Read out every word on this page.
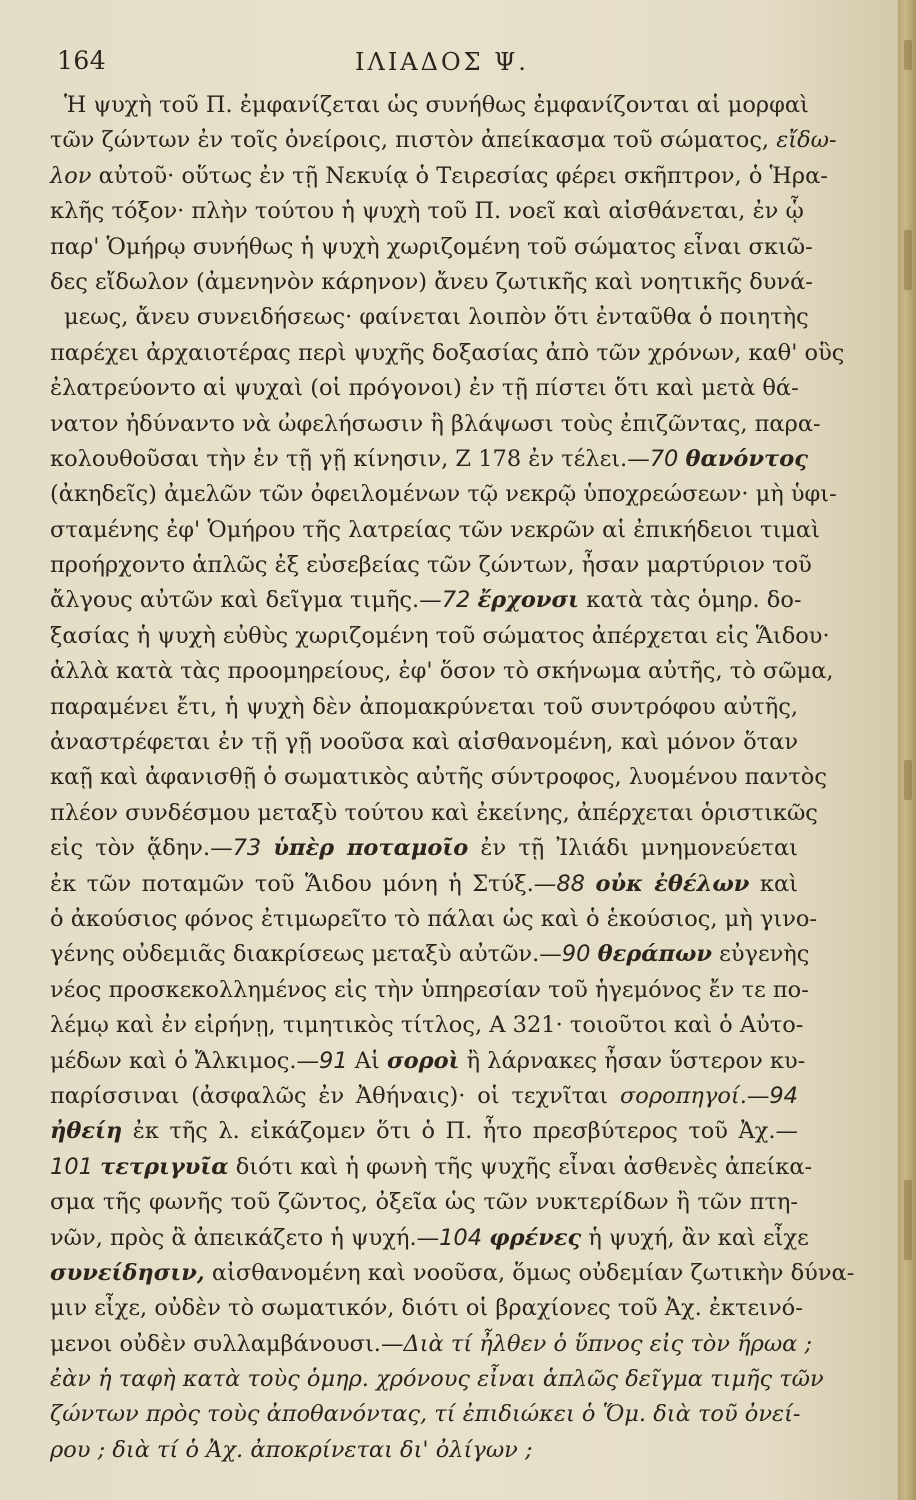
164	ΙΛΙΑΔΟΣ Ψ.
Ἡ ψυχὴ τοῦ Π. ἐμφανίζεται ὡς συνήθως ἐμφανίζονται αἱ μορφαὶ
τῶν ζώντων ἐν τοῖς ὀνείροις, πιστὸν ἀπείκασμα τοῦ σώματος, εἴδω-
λον αὐτοῦ· οὕτως ἐν τῇ Νεκυίᾳ ὁ Τειρεσίας φέρει σκῆπτρον, ὁ Ἡρα-
κλῆς τόξον· πλὴν τούτου ἡ ψυχὴ τοῦ Π. νοεῖ καὶ αἰσθάνεται, ἐν ᾧ
παρ' Ὁμήρῳ συνήθως ἡ ψυχὴ χωριζομένη τοῦ σώματος εἶναι σκιῶ-
δες εἴδωλον (ἀμενηνὸν κάρηνον) ἄνευ ζωτικῆς καὶ νοητικῆς δυνά-
μεως, ἄνευ συνειδήσεως· φαίνεται λοιπὸν ὅτι ἐνταῦθα ὁ ποιητὴς
παρέχει ἀρχαιοτέρας περὶ ψυχῆς δοξασίας ἀπὸ τῶν χρόνων, καθ' οὓς
ἐλατρεύοντο αἱ ψυχαὶ (οἱ πρόγονοι) ἐν τῇ πίστει ὅτι καὶ μετὰ θά-
νατον ἠδύναντο νὰ ὠφελήσωσιν ἢ βλάψωσι τοὺς ἐπιζῶντας, παρα-
κολουθοῦσαι τὴν ἐν τῇ γῇ κίνησιν, Ζ 178 ἐν τέλει.—70 θανόντος
(ἀκηδεῖς) ἀμελῶν τῶν ὀφειλομένων τῷ νεκρῷ ὑποχρεώσεων· μὴ ὑφι-
σταμένης ἐφ' Ὁμήρου τῆς λατρείας τῶν νεκρῶν αἱ ἐπικήδειοι τιμαὶ
προήρχοντο ἁπλῶς ἐξ εὐσεβείας τῶν ζώντων, ἦσαν μαρτύριον τοῦ
ἄλγους αὐτῶν καὶ δεῖγμα τιμῆς.—72 ἔρχονσι κατὰ τὰς ὁμηρ. δο-
ξασίας ἡ ψυχὴ εὐθὺς χωριζομένη τοῦ σώματος ἀπέρχεται εἰς Ἅιδου·
ἀλλὰ κατὰ τὰς προομηρείους, ἐφ' ὅσον τὸ σκήνωμα αὐτῆς, τὸ σῶμα,
παραμένει ἔτι, ἡ ψυχὴ δὲν ἀπομακρύνεται τοῦ συντρόφου αὐτῆς,
ἀναστρέφεται ἐν τῇ γῇ νοοῦσα καὶ αἰσθανομένη, καὶ μόνον ὅταν
καῇ καὶ ἀφανισθῇ ὁ σωματικὸς αὐτῆς σύντροφος, λυομένου παντὸς
πλέον συνδέσμου μεταξὺ τούτου καὶ ἐκείνης, ἀπέρχεται ὁριστικῶς
εἰς τὸν ᾅδην.—73 ὑπὲρ ποταμοῖο ἐν τῇ Ἰλιάδι μνημονεύεται
ἐκ τῶν ποταμῶν τοῦ Ἅιδου μόνη ἡ Στύξ.—88 οὐκ ἐθέλων καὶ
ὁ ἀκούσιος φόνος ἐτιμωρεῖτο τὸ πάλαι ὡς καὶ ὁ ἑκούσιος, μὴ γινο-
γένης οὐδεμιᾶς διακρίσεως μεταξὺ αὐτῶν.—90 θεράπων εὐγενὴς
νέος προσκεκολλημένος εἰς τὴν ὑπηρεσίαν τοῦ ἡγεμόνος ἔν τε πο-
λέμῳ καὶ ἐν εἰρήνῃ, τιμητικὸς τίτλος, Α 321· τοιοῦτοι καὶ ὁ Αὐτο-
μέδων καὶ ὁ Ἄλκιμος.—91 Αἱ σοροὶ ἢ λάρνακες ἦσαν ὕστερον κυ-
παρίσσιναι (ἀσφαλῶς ἐν Ἀθήναις)· οἱ τεχνῖται σοροπηγοί.—94
ἠθείη ἐκ τῆς λ. εἰκάζομεν ὅτι ὁ Π. ἦτο πρεσβύτερος τοῦ Ἀχ.—
101 τετριγυῖα διότι καὶ ἡ φωνὴ τῆς ψυχῆς εἶναι ἀσθενὲς ἀπείκα-
σμα τῆς φωνῆς τοῦ ζῶντος, ὀξεῖα ὡς τῶν νυκτερίδων ἢ τῶν πτη-
νῶν, πρὸς ἃ ἀπεικάζετο ἡ ψυχή.—104 φρένες ἡ ψυχή, ἂν καὶ εἶχε
συνείδησιν, αἰσθανομένη καὶ νοοῦσα, ὅμως οὐδεμίαν ζωτικὴν δύνα-
μιν εἶχε, οὐδὲν τὸ σωματικόν, διότι οἱ βραχίονες τοῦ Ἀχ. ἐκτεινό-
μενοι οὐδὲν συλλαμβάνουσι.—Διὰ τί ἦλθεν ὁ ὕπνος εἰς τὸν ἥρωα ;
ἐὰν ἡ ταφὴ κατὰ τοὺς ὁμηρ. χρόνους εἶναι ἁπλῶς δεῖγμα τιμῆς τῶν
ζώντων πρὸς τοὺς ἀποθανόντας, τί ἐπιδιώκει ὁ Ὅμ. διὰ τοῦ ὀνεί-
ρου ; διὰ τί ὁ Ἀχ. ἀποκρίνεται δι' ὀλίγων ;
